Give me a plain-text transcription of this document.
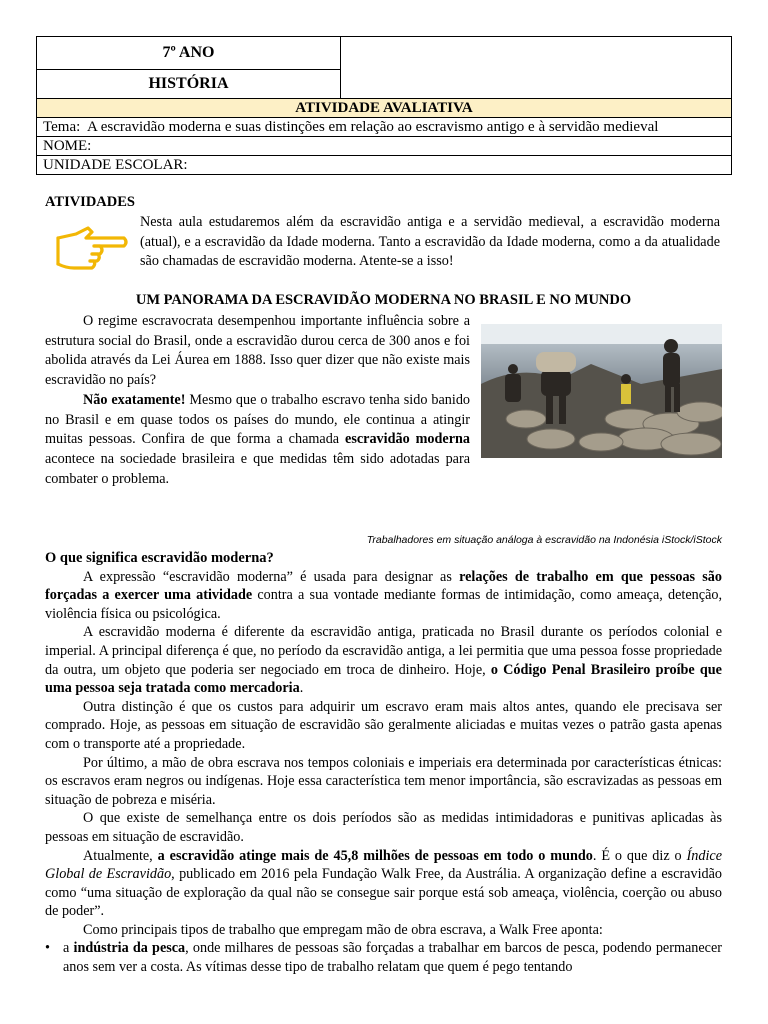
7º ANO	
HISTÓRIA
ATIVIDADE AVALIATIVA
Tema: A escravidão moderna e suas distinções em relação ao escravismo antigo e à servidão medieval
NOME:
UNIDADE ESCOLAR:
ATIVIDADES
Nesta aula estudaremos além da escravidão antiga e a servidão medieval, a escravidão moderna (atual), e a escravidão da Idade moderna. Tanto a escravidão da Idade moderna, como a da atualidade são chamadas de escravidão moderna. Atente-se a isso!
UM PANORAMA DA ESCRAVIDÃO MODERNA NO BRASIL E NO MUNDO

O regime escravocrata desempenhou importante influência sobre a estrutura social do Brasil, onde a escravidão durou cerca de 300 anos e foi abolida através da Lei Áurea em 1888. Isso quer dizer que não existe mais escravidão no país?

Não exatamente! Mesmo que o trabalho escravo tenha sido banido no Brasil e em quase todos os países do mundo, ele continua a atingir muitas pessoas. Confira de que forma a chamada escravidão moderna acontece na sociedade brasileira e que medidas têm sido adotadas para combater o problema.

Trabalhadores em situação análoga à escravidão na Indonésia iStock/iStock

O que significa escravidão moderna?

A expressão “escravidão moderna” é usada para designar as relações de trabalho em que pessoas são forçadas a exercer uma atividade contra a sua vontade mediante formas de intimidação, como ameaça, detenção, violência física ou psicológica.

A escravidão moderna é diferente da escravidão antiga, praticada no Brasil durante os períodos colonial e imperial. A principal diferença é que, no período da escravidão antiga, a lei permitia que uma pessoa fosse propriedade da outra, um objeto que poderia ser negociado em troca de dinheiro. Hoje, o Código Penal Brasileiro proíbe que uma pessoa seja tratada como mercadoria.

Outra distinção é que os custos para adquirir um escravo eram mais altos antes, quando ele precisava ser comprado. Hoje, as pessoas em situação de escravidão são geralmente aliciadas e muitas vezes o patrão gasta apenas com o transporte até a propriedade.

Por último, a mão de obra escrava nos tempos coloniais e imperiais era determinada por características étnicas: os escravos eram negros ou indígenas. Hoje essa característica tem menor importância, são escravizadas as pessoas em situação de pobreza e miséria.

O que existe de semelhança entre os dois períodos são as medidas intimidadoras e punitivas aplicadas às pessoas em situação de escravidão.

Atualmente, a escravidão atinge mais de 45,8 milhões de pessoas em todo o mundo. É o que diz o Índice Global de Escravidão, publicado em 2016 pela Fundação Walk Free, da Austrália. A organização define a escravidão como “uma situação de exploração da qual não se consegue sair porque está sob ameaça, violência, coerção ou abuso de poder”.

Como principais tipos de trabalho que empregam mão de obra escrava, a Walk Free aponta:

• a indústria da pesca, onde milhares de pessoas são forçadas a trabalhar em barcos de pesca, podendo permanecer anos sem ver a costa. As vítimas desse tipo de trabalho relatam que quem é pego tentando
